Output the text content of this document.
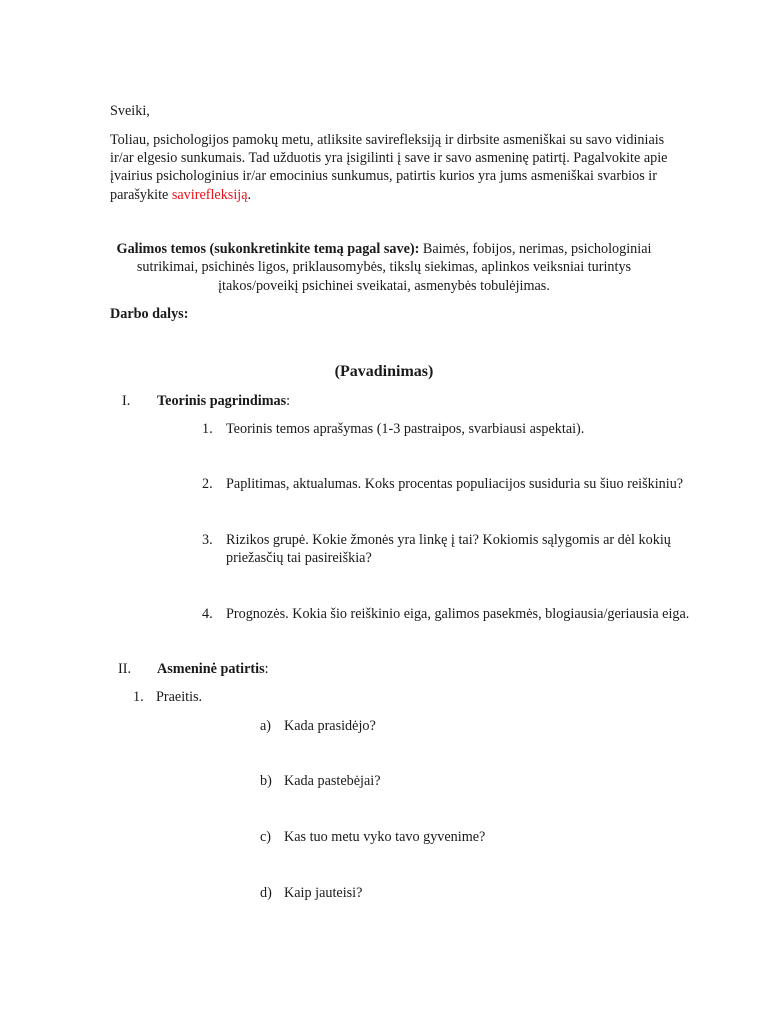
Sveiki,
Toliau, psichologijos pamokų metu, atliksite savirefleksiją ir dirbsite asmeniškai su savo vidiniais
ir/ar elgesio sunkumais. Tad užduotis yra įsigilinti į save ir savo asmeninę patirtį. Pagalvokite apie
įvairius psichologinius ir/ar emocinius sunkumus, patirtis kurios yra jums asmeniškai svarbios ir
parašykite savirefleksiją.
Galimos temos (sukonkretinkite temą pagal save): Baimės, fobijos, nerimas, psichologiniai
sutrikimai, psichinės ligos, priklausomybės, tikslų siekimas, aplinkos veiksniai turintys
įtakos/poveikį psichinei sveikatai, asmenybės tobulėjimas.
Darbo dalys:
(Pavadinimas)
I. Teorinis pagrindimas:
1. Teorinis temos aprašymas (1-3 pastraipos, svarbiausi aspektai).
2. Paplitimas, aktualumas. Koks procentas populiacijos susiduria su šiuo reiškiniu?
3. Rizikos grupė. Kokie žmonės yra linkę į tai? Kokiomis sąlygomis ar dėl kokių
priežasčių tai pasireiškia?
4. Prognozės. Kokia šio reiškinio eiga, galimos pasekmės, blogiausia/geriausia eiga.
II. Asmeninė patirtis:
1. Praeitis.
a) Kada prasidėjo?
b) Kada pastebėjai?
c) Kas tuo metu vyko tavo gyvenime?
d) Kaip jauteisi?
